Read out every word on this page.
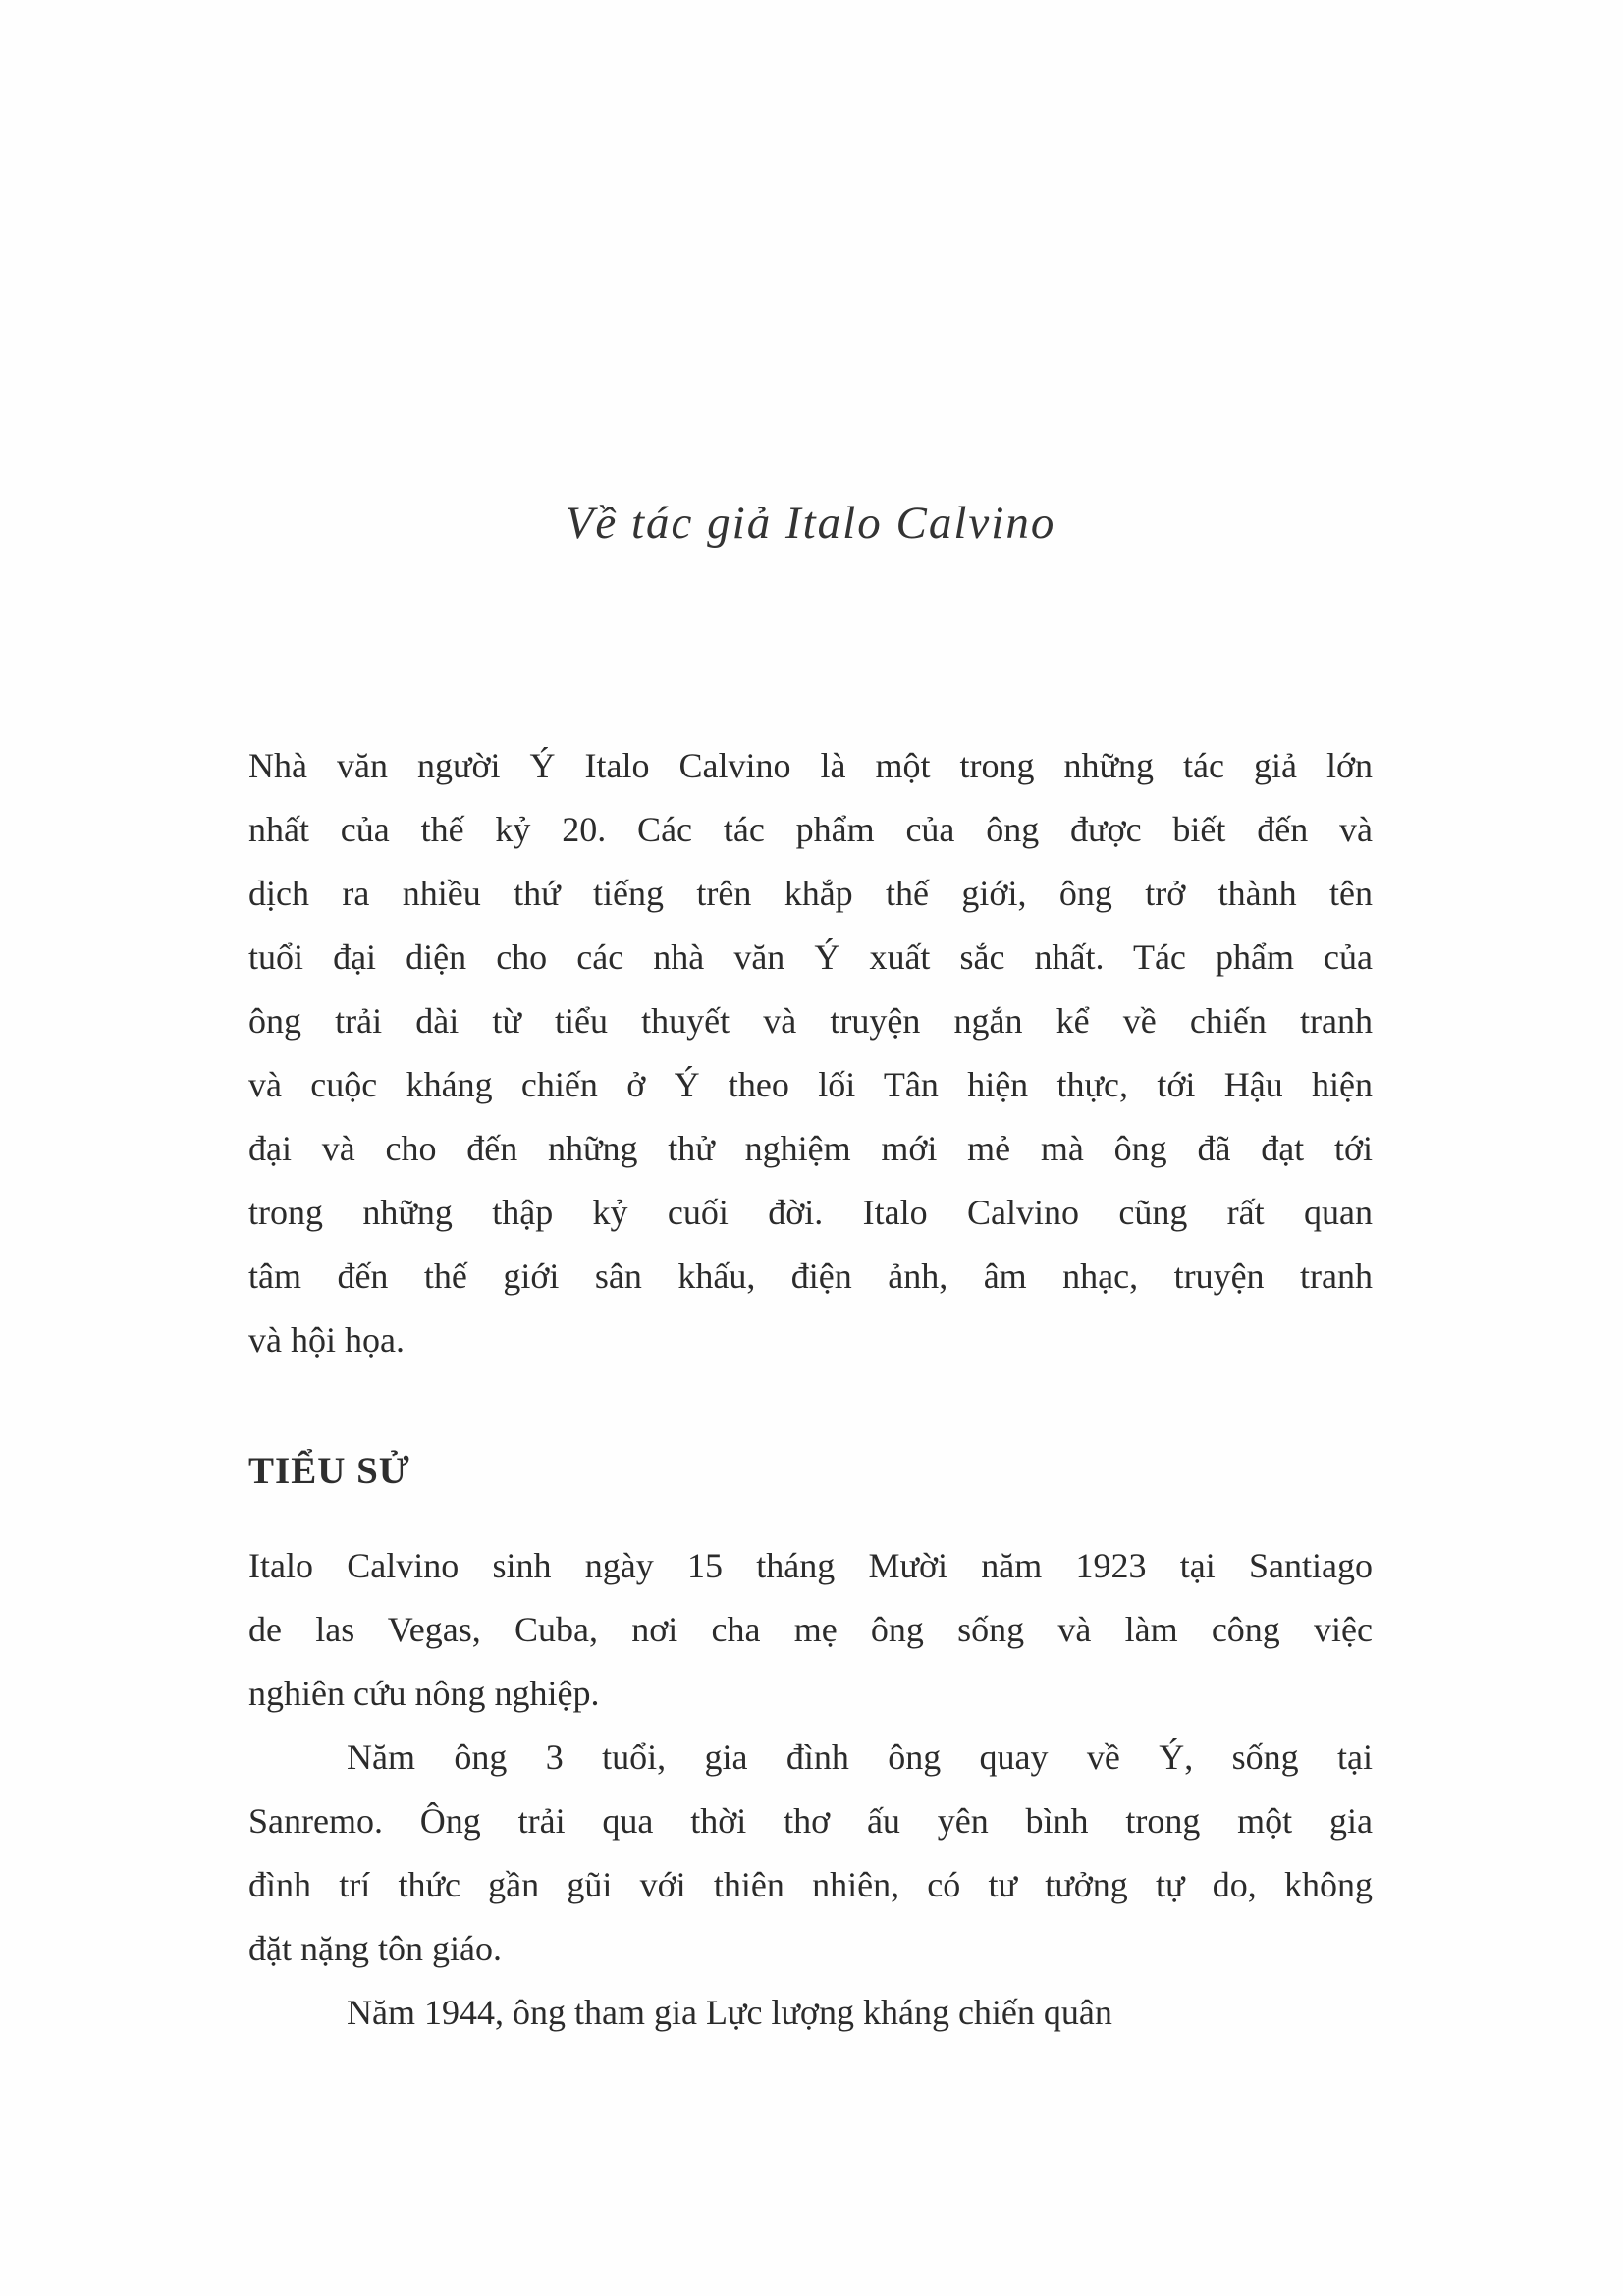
Về tác giả Italo Calvino
Nhà văn người Ý Italo Calvino là một trong những tác giả lớn
nhất của thế kỷ 20. Các tác phẩm của ông được biết đến và
dịch ra nhiều thứ tiếng trên khắp thế giới, ông trở thành tên
tuổi đại diện cho các nhà văn Ý xuất sắc nhất. Tác phẩm của
ông trải dài từ tiểu thuyết và truyện ngắn kể về chiến tranh
và cuộc kháng chiến ở Ý theo lối Tân hiện thực, tới Hậu hiện
đại và cho đến những thử nghiệm mới mẻ mà ông đã đạt tới
trong những thập kỷ cuối đời. Italo Calvino cũng rất quan
tâm đến thế giới sân khấu, điện ảnh, âm nhạc, truyện tranh
và hội họa.
TIỂU SỬ
Italo Calvino sinh ngày 15 tháng Mười năm 1923 tại Santiago
de las Vegas, Cuba, nơi cha mẹ ông sống và làm công việc
nghiên cứu nông nghiệp.
Năm ông 3 tuổi, gia đình ông quay về Ý, sống tại
Sanremo. Ông trải qua thời thơ ấu yên bình trong một gia
đình trí thức gần gũi với thiên nhiên, có tư tưởng tự do, không
đặt nặng tôn giáo.
Năm 1944, ông tham gia Lực lượng kháng chiến quân
